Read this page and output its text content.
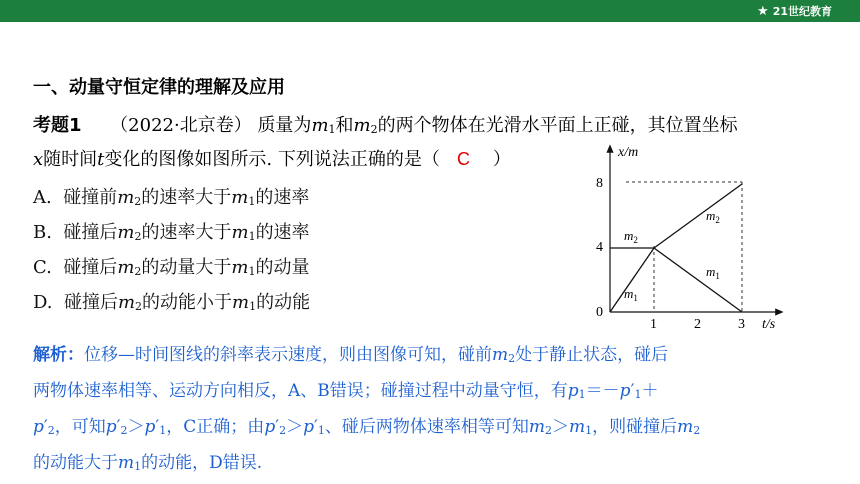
★ 21世纪教育
一、动量守恒定律的理解及应用
考题1 （2022·北京卷） 质量为$m_1$和$m_2$的两个物体在光滑水平面上正碰，其位置坐标
x随时间t变化的图像如图所示. 下列说法正确的是（ C ）
A. 碰撞前$m_2$的速率大于$m_1$的速率
B. 碰撞后$m_2$的速率大于$m_1$的速率
C. 碰撞后$m_2$的动量大于$m_1$的动量
D. 碰撞后$m_2$的动能小于$m_1$的动能
x/m
t/s
8
4
0
1	2	3
$m_2$
$m_2$
$m_1$
$m_1$
解析：位移—时间图线的斜率表示速度，则由图像可知，碰前$m_2$处于静止状态，碰后
两物体速率相等、运动方向相反，A、B错误；碰撞过程中动量守恒，有$p_1=-p'_1+$
$p'_2$，可知$p'_2>p'_1$，C正确；由$p'_2>p'_1$、碰后两物体速率相等可知$m_2>m_1$，则碰撞后$m_2$
的动能大于$m_1$的动能，D错误.
